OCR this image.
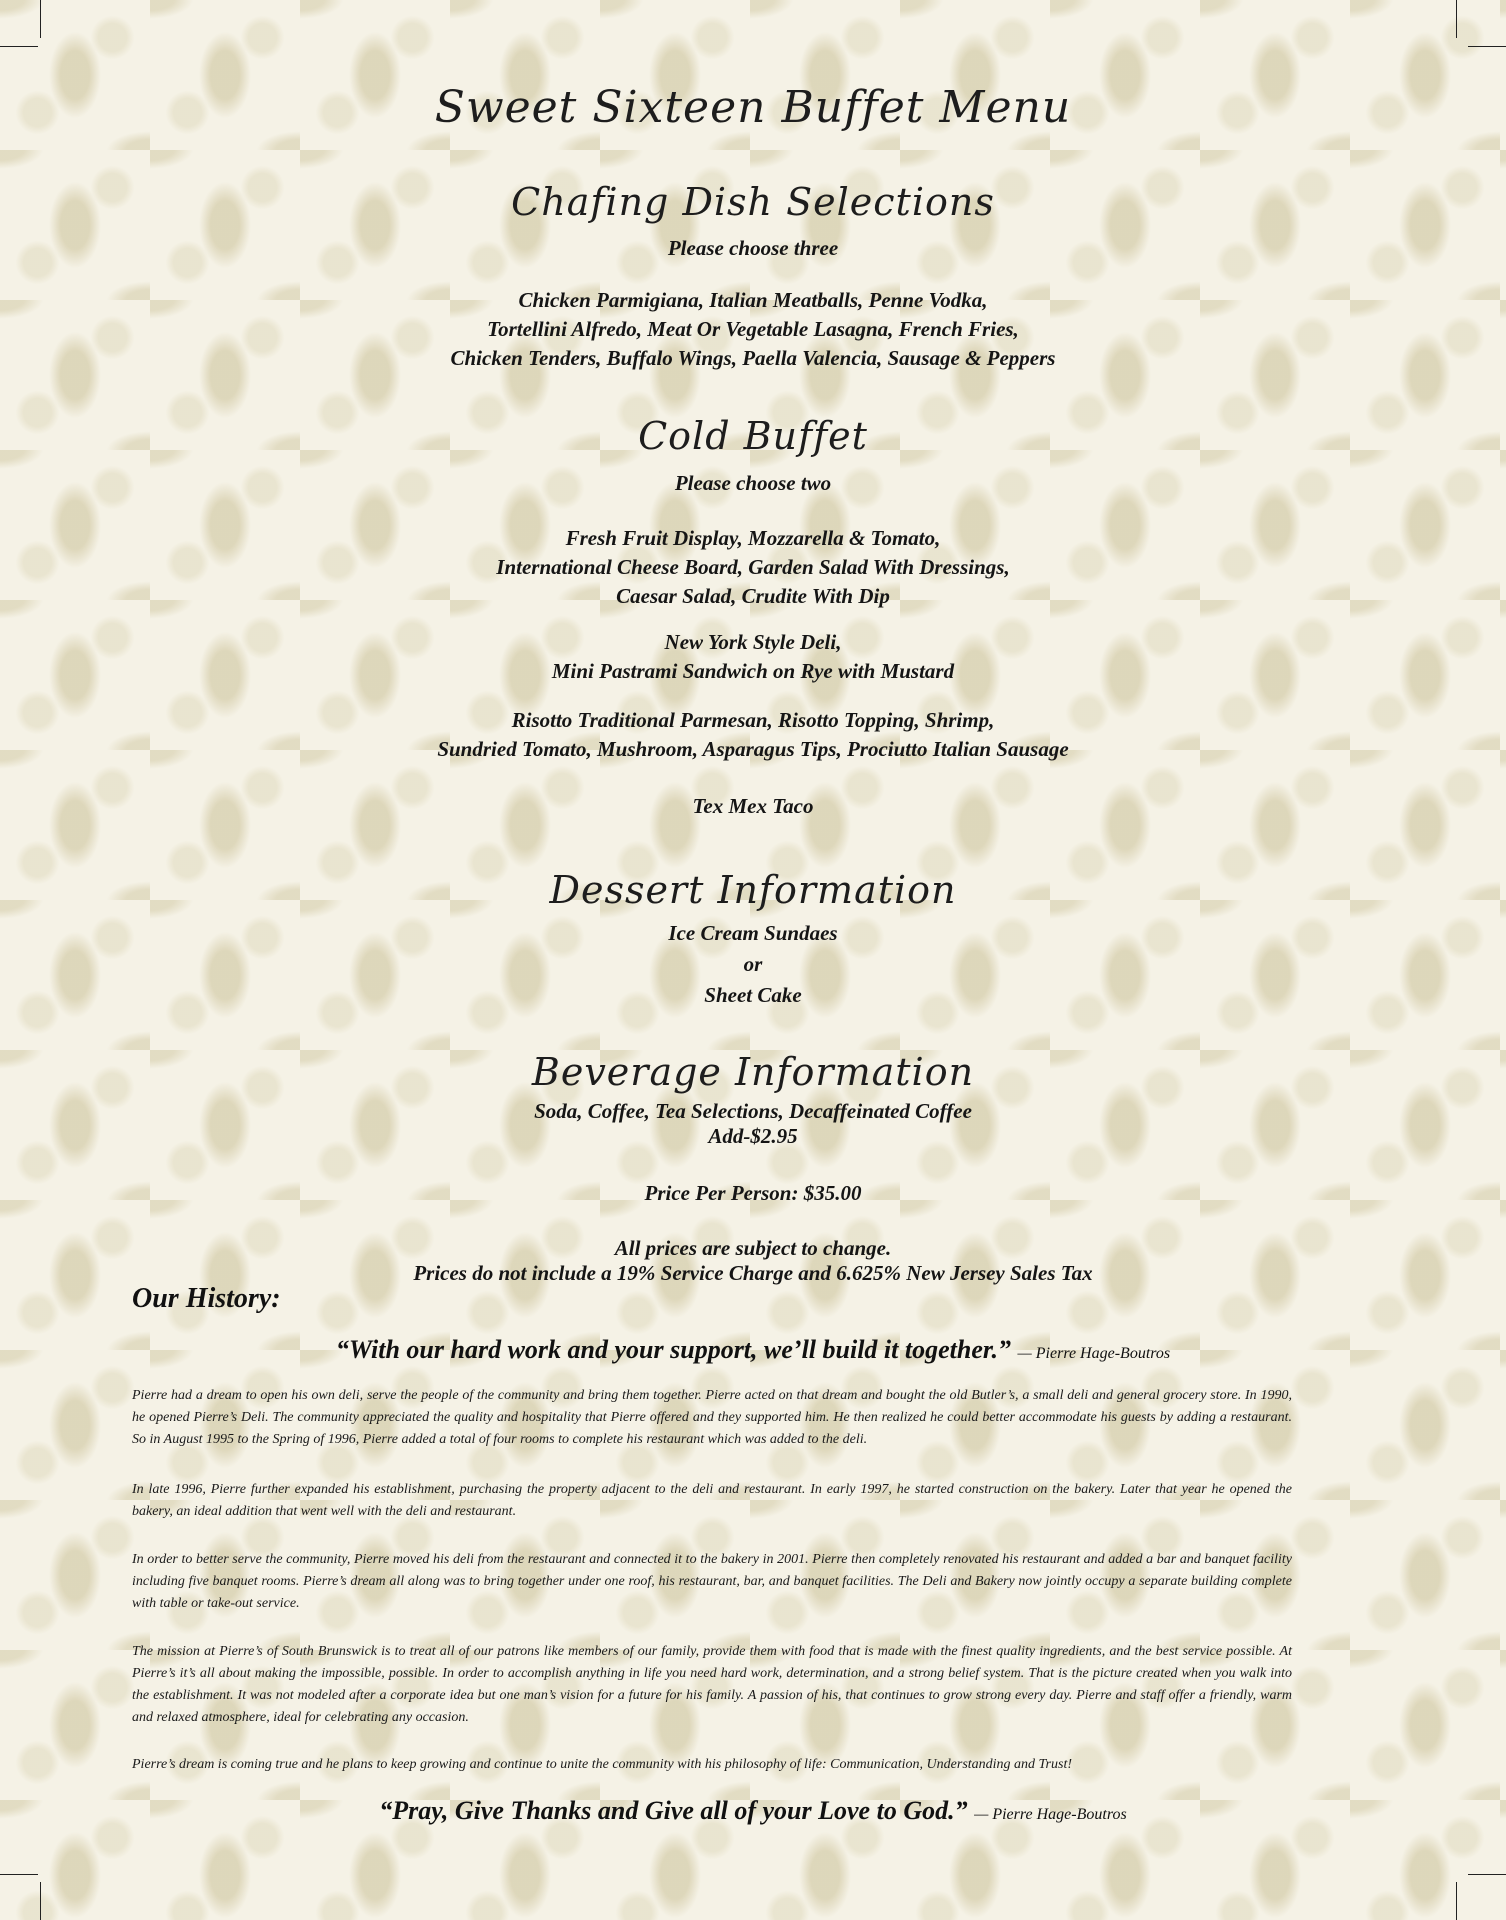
Sweet Sixteen Buffet Menu
Chafing Dish Selections
Please choose three
Chicken Parmigiana, Italian Meatballs, Penne Vodka,
Tortellini Alfredo, Meat Or Vegetable Lasagna, French Fries,
Chicken Tenders, Buffalo Wings, Paella Valencia, Sausage & Peppers
Cold Buffet
Please choose two
Fresh Fruit Display, Mozzarella & Tomato,
International Cheese Board, Garden Salad With Dressings,
Caesar Salad, Crudite With Dip
New York Style Deli,
Mini Pastrami Sandwich on Rye with Mustard
Risotto Traditional Parmesan, Risotto Topping, Shrimp,
Sundried Tomato, Mushroom, Asparagus Tips, Prociutto Italian Sausage
Tex Mex Taco
Dessert Information
Ice Cream Sundaes
or
Sheet Cake
Beverage Information
Soda, Coffee, Tea Selections, Decaffeinated Coffee
Add-$2.95
Price Per Person: $35.00
All prices are subject to change.
Prices do not include a 19% Service Charge and 6.625% New Jersey Sales Tax
Our History:
“With our hard work and your support, we’ll build it together.” — Pierre Hage-Boutros

Pierre had a dream to open his own deli, serve the people of the community and bring them together. Pierre acted on that dream and bought the old Butler’s, a small deli and general grocery store. In 1990, he opened Pierre’s Deli. The community appreciated the quality and hospitality that Pierre offered and they supported him. He then realized he could better accommodate his guests by adding a restaurant. So in August 1995 to the Spring of 1996, Pierre added a total of four rooms to complete his restaurant which was added to the deli.

In late 1996, Pierre further expanded his establishment, purchasing the property adjacent to the deli and restaurant. In early 1997, he started construction on the bakery. Later that year he opened the bakery, an ideal addition that went well with the deli and restaurant.

In order to better serve the community, Pierre moved his deli from the restaurant and connected it to the bakery in 2001. Pierre then completely renovated his restaurant and added a bar and banquet facility including five banquet rooms. Pierre’s dream all along was to bring together under one roof, his restaurant, bar, and banquet facilities. The Deli and Bakery now jointly occupy a separate building complete with table or take-out service.

The mission at Pierre’s of South Brunswick is to treat all of our patrons like members of our family, provide them with food that is made with the finest quality ingredients, and the best service possible. At Pierre’s it’s all about making the impossible, possible. In order to accomplish anything in life you need hard work, determination, and a strong belief system. That is the picture created when you walk into the establishment. It was not modeled after a corporate idea but one man’s vision for a future for his family. A passion of his, that continues to grow strong every day. Pierre and staff offer a friendly, warm and relaxed atmosphere, ideal for celebrating any occasion.

Pierre’s dream is coming true and he plans to keep growing and continue to unite the community with his philosophy of life: Communication, Understanding and Trust!

“Pray, Give Thanks and Give all of your Love to God.” — Pierre Hage-Boutros
